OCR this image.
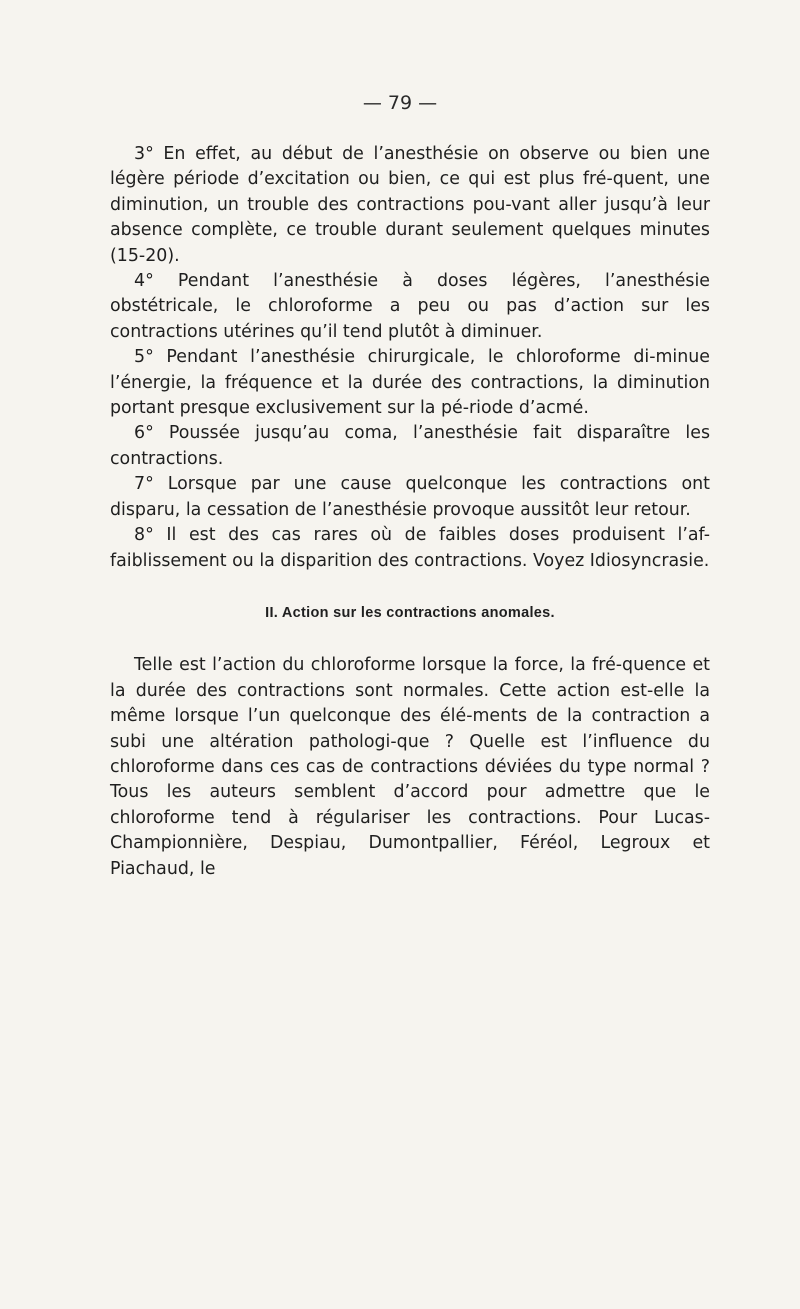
— 79 —

3° En effet, au début de l’anesthésie on observe ou bien une légère période d’excitation ou bien, ce qui est plus fré-quent, une diminution, un trouble des contractions pou-vant aller jusqu’à leur absence complète, ce trouble durant seulement quelques minutes (15-20).

4° Pendant l’anesthésie à doses légères, l’anesthésie obstétricale, le chloroforme a peu ou pas d’action sur les contractions utérines qu’il tend plutôt à diminuer.

5° Pendant l’anesthésie chirurgicale, le chloroforme di-minue l’énergie, la fréquence et la durée des contractions, la diminution portant presque exclusivement sur la pé-riode d’acmé.

6° Poussée jusqu’au coma, l’anesthésie fait disparaître les contractions.

7° Lorsque par une cause quelconque les contractions ont disparu, la cessation de l’anesthésie provoque aussitôt leur retour.

8° Il est des cas rares où de faibles doses produisent l’af-faiblissement ou la disparition des contractions. Voyez Idiosyncrasie.

II. Action sur les contractions anomales.

Telle est l’action du chloroforme lorsque la force, la fré-quence et la durée des contractions sont normales. Cette action est-elle la même lorsque l’un quelconque des élé-ments de la contraction a subi une altération pathologi-que ? Quelle est l’influence du chloroforme dans ces cas de contractions déviées du type normal ? Tous les auteurs semblent d’accord pour admettre que le chloroforme tend à régulariser les contractions. Pour Lucas-Championnière, Despiau, Dumontpallier, Féréol, Legroux et Piachaud, le
